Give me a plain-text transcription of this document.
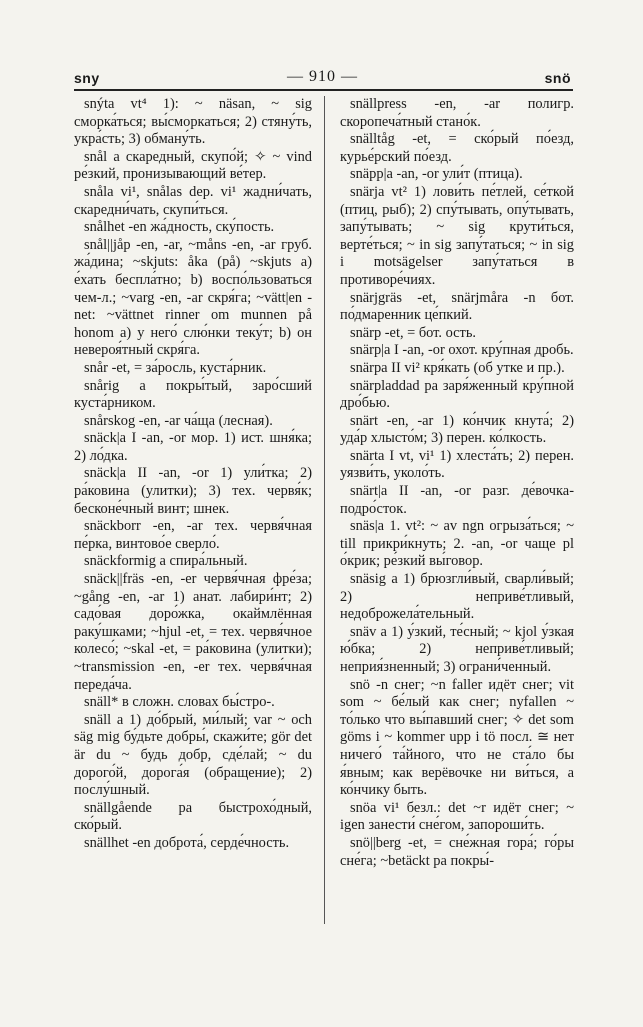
sny	— 910 —	snö

snýta vt⁴ 1): ~ näsan, ~ sig сморка́ться; вы́сморкаться; 2) стяну́ть, укра́сть; 3) обману́ть.

snål a скаредный, скупо́й; ✧ ~ vind ре́зкий, пронизывающий ве́тер.

snåla vi¹, snålas dep. vi¹ жадни́чать, скаредни́чать, скупи́ться.

snålhet -en жа́дность, ску́пость.

snål||jåp -en, -ar, ~måns -en, -ar груб. жа́дина; ~skjuts: åka (på) ~skjuts а) е́хать беспла́тно; b) воспо́льзоваться чем-л.; ~varg -en, -ar скря́га; ~vätt|en -net: ~vättnet rinner om munnen på honom a) у него́ слю́нки теку́т; b) он невероя́тный скря́га.

snår -et, = за́росль, куста́рник.

snårig a покры́тый, заро́сший куста́рником.

snårskog -en, -ar ча́ща (лесная).

snäck|a I -an, -or мор. 1) ист. шня́ка; 2) ло́дка.

snäck|a II -an, -or 1) ули́тка; 2) ра́ковина (улитки); 3) тех. червя́к; бесконе́чный винт; шнек.

snäckborr -en, -ar тех. червя́чная пе́рка, винтово́е сверло́.

snäckformig a спира́льный.

snäck||fräs -en, -er червя́чная фре́за; ~gång -en, -ar 1) анат. лабири́нт; 2) садо́вая доро́жка, окаймлённая раку́шками; ~hjul -et, = тех. червя́чное колесо́; ~skal -et, = ра́ковина (улитки); ~transmission -en, -er тех. червя́чная переда́ча.

snäll* в сложн. словах бы́стро-.

snäll a 1) до́брый, ми́лый; var ~ och säg mig бу́дьте добры́, скажи́те; gör det är du ~ будь добр, сде́лай; ~ du дорого́й, дорога́я (обращение); 2) послу́шный.

snällgående pa быстрохо́дный, ско́рый.

snällhet -en доброта́, серде́чность.

snällpress -en, -ar полигр. скоропеча́тный стано́к.

snälltåg -et, = ско́рый по́езд, курье́рский по́езд.

snäpp|a -an, -or ули́т (птица).

snärja vt² 1) лови́ть пе́тлей, се́ткой (птиц, рыб); 2) спу́тывать, опу́тывать, запу́тывать; ~ sig крути́ться, верте́ться; ~ in sig запу́таться; ~ in sig i motsägelser запу́таться в противоре́чиях.

snärjgräs -et, snärjmåra -n бот. по́дмаренник це́пкий.

snärp -et, = бот. ость.

snärp|a I -an, -or охот. кру́пная дробь.

snärpa II vi² кря́кать (об утке и пр.).

snärpladdad pa заря́женный кру́пной дро́бью.

snärt -en, -ar 1) ко́нчик кнута́; 2) уда́р хлысто́м; 3) перен. ко́лкость.

snärta I vt, vi¹ 1) хлеста́ть; 2) перен. уязви́ть, уколо́ть.

snärt|a II -an, -or разг. де́вочка-подро́сток.

snäs|a 1. vt²: ~ av ngn огрыза́ться; ~ till прикри́кнуть; 2. -an, -or чаще pl о́крик; ре́зкий вы́говор.

snäsig a 1) брюзгли́вый, сварли́вый; 2) неприве́тливый, недоброжела́тельный.

snäv a 1) у́зкий, те́сный; ~ kjol у́зкая ю́бка; 2) неприве́тливый; неприя́зненный; 3) ограни́ченный.

snö -n снег; ~n faller идёт снег; vit som ~ бе́лый как снег; nyfallen ~ то́лько что вы́павший снег; ✧ det som göms i ~ kommer upp i tö посл. ≅ нет ничего́ та́йного, что не ста́ло бы я́вным; как верёвочке ни ви́ться, а ко́нчику быть.

snöa vi¹ безл.: det ~r идёт снег; ~ igen занести́ сне́гом, запороши́ть.

snö||berg -et, = сне́жная гора́; го́ры сне́га; ~betäckt pa покры́-
